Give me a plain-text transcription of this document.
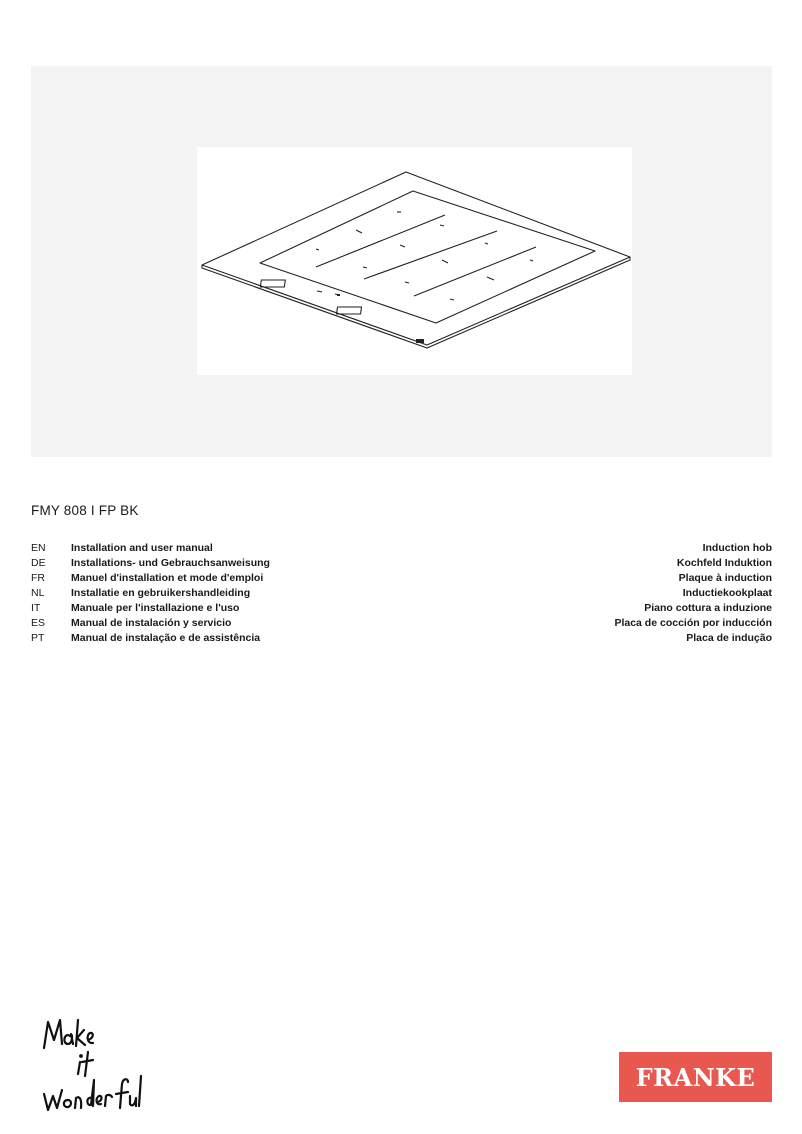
FMY 808 I FP BK
EN Installation and user manual	Induction hob
DE Installations- und Gebrauchsanweisung	Kochfeld Induktion
FR Manuel d'installation et mode d'emploi	Plaque à induction
NL	Installatie en gebruikershandleiding	Inductiekookplaat
IT	Manuale per l'installazione e l'uso	Piano cottura a induzione
ES Manual de instalación y servicio	Placa de cocción por inducción
PT	Manual de instalação e de assistência	Placa de indução
FRANKE
